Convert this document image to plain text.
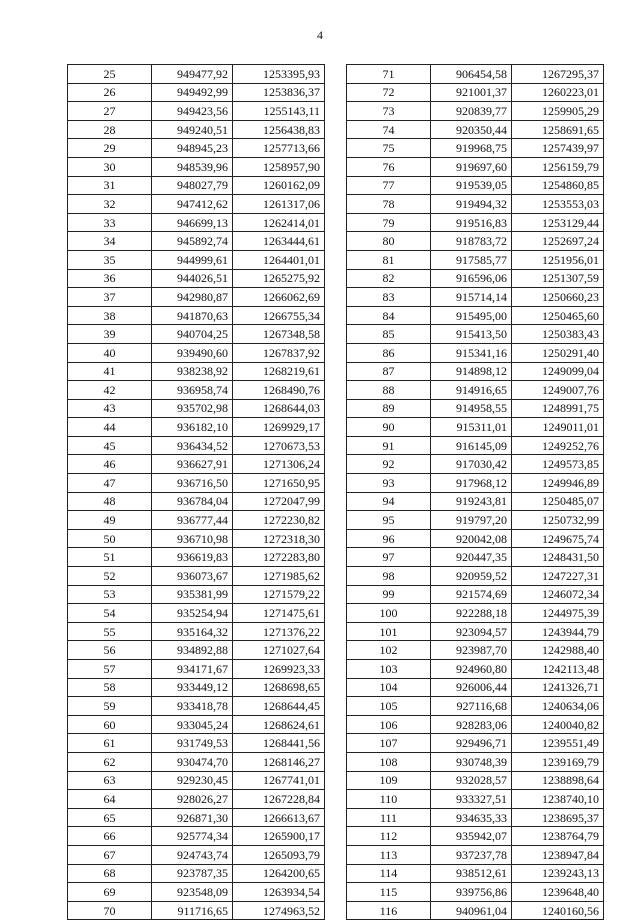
4
25	949477,92	1253395,93
26	949492,99	1253836,37
27	949423,56	1255143,11
28	949240,51	1256438,83
29	948945,23	1257713,66
30	948539,96	1258957,90
31	948027,79	1260162,09
32	947412,62	1261317,06
33	946699,13	1262414,01
34	945892,74	1263444,61
35	944999,61	1264401,01
36	944026,51	1265275,92
37	942980,87	1266062,69
38	941870,63	1266755,34
39	940704,25	1267348,58
40	939490,60	1267837,92
41	938238,92	1268219,61
42	936958,74	1268490,76
43	935702,98	1268644,03
44	936182,10	1269929,17
45	936434,52	1270673,53
46	936627,91	1271306,24
47	936716,50	1271650,95
48	936784,04	1272047,99
49	936777,44	1272230,82
50	936710,98	1272318,30
51	936619,83	1272283,80
52	936073,67	1271985,62
53	935381,99	1271579,22
54	935254,94	1271475,61
55	935164,32	1271376,22
56	934892,88	1271027,64
57	934171,67	1269923,33
58	933449,12	1268698,65
59	933418,78	1268644,45
60	933045,24	1268624,61
61	931749,53	1268441,56
62	930474,70	1268146,27
63	929230,45	1267741,01
64	928026,27	1267228,84
65	926871,30	1266613,67
66	925774,34	1265900,17
67	924743,74	1265093,79
68	923787,35	1264200,65
69	923548,09	1263934,54
70	911716,65	1274963,52
71	906454,58	1267295,37
72	921001,37	1260223,01
73	920839,77	1259905,29
74	920350,44	1258691,65
75	919968,75	1257439,97
76	919697,60	1256159,79
77	919539,05	1254860,85
78	919494,32	1253553,03
79	919516,83	1253129,44
80	918783,72	1252697,24
81	917585,77	1251956,01
82	916596,06	1251307,59
83	915714,14	1250660,23
84	915495,00	1250465,60
85	915413,50	1250383,43
86	915341,16	1250291,40
87	914898,12	1249099,04
88	914916,65	1249007,76
89	914958,55	1248991,75
90	915311,01	1249011,01
91	916145,09	1249252,76
92	917030,42	1249573,85
93	917968,12	1249946,89
94	919243,81	1250485,07
95	919797,20	1250732,99
96	920042,08	1249675,74
97	920447,35	1248431,50
98	920959,52	1247227,31
99	921574,69	1246072,34
100	922288,18	1244975,39
101	923094,57	1243944,79
102	923987,70	1242988,40
103	924960,80	1242113,48
104	926006,44	1241326,71
105	927116,68	1240634,06
106	928283,06	1240040,82
107	929496,71	1239551,49
108	930748,39	1239169,79
109	932028,57	1238898,64
110	933327,51	1238740,10
111	934635,33	1238695,37
112	935942,07	1238764,79
113	937237,78	1238947,84
114	938512,61	1239243,13
115	939756,86	1239648,40
116	940961,04	1240160,56
